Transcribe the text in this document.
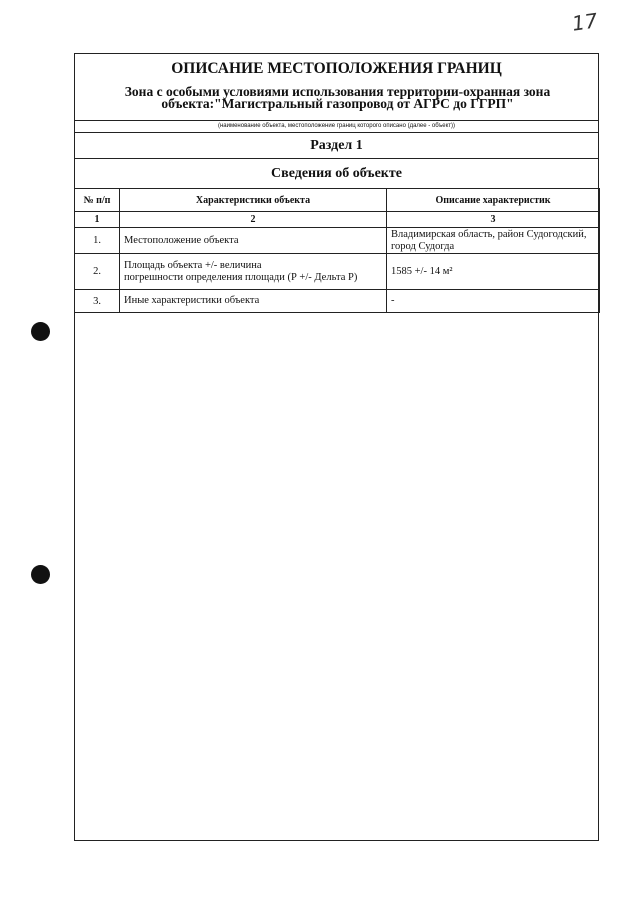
17
ОПИСАНИЕ МЕСТОПОЛОЖЕНИЯ ГРАНИЦ
Зона с особыми условиями использования территории-охранная зона
объекта:"Магистральный газопровод от АГРС до ГГРП"
(наименование объекта, местоположение границ которого описано (далее - объект))
Раздел 1
Сведения об объекте
№ п/п	Характеристики объекта	Описание характеристик
1	2	3
1.	Местоположение объекта	Владимирская область, район Судогодский,
город Судогда

2.	Площадь объекта +/- величина
погрешности определения площади (Р +/- Дельта Р)	1585 +/- 14 м²

3.	Иные характеристики объекта	-
